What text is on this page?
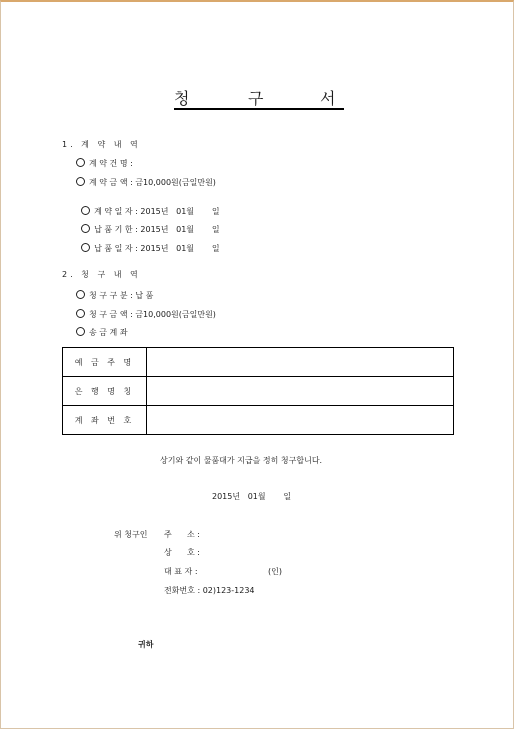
청	구	서
1. 계 약 내 역
계 약 건 명 :
계 약 금 액 : 금10,000원(금일만원)

계 약 일 자 : 2015년   01월       일

납 품 기 한 : 2015년   01월       일

납 품 일 자 : 2015년   01월       일

2. 청 구 내 역
청 구 구 분 : 납 품
청 구 금 액 : 금10,000원(금일만원)
송 금 계 좌
예 금 주 명	
은 행 명 칭	
계 좌 번 호	
상기와 같이 물품대가 지급을 정히 청구합니다.
2015년   01월       일
위 청구인 주      소 :
상      호 :
대 표 자 :	(인)
전화번호 : 02)123-1234
귀하
